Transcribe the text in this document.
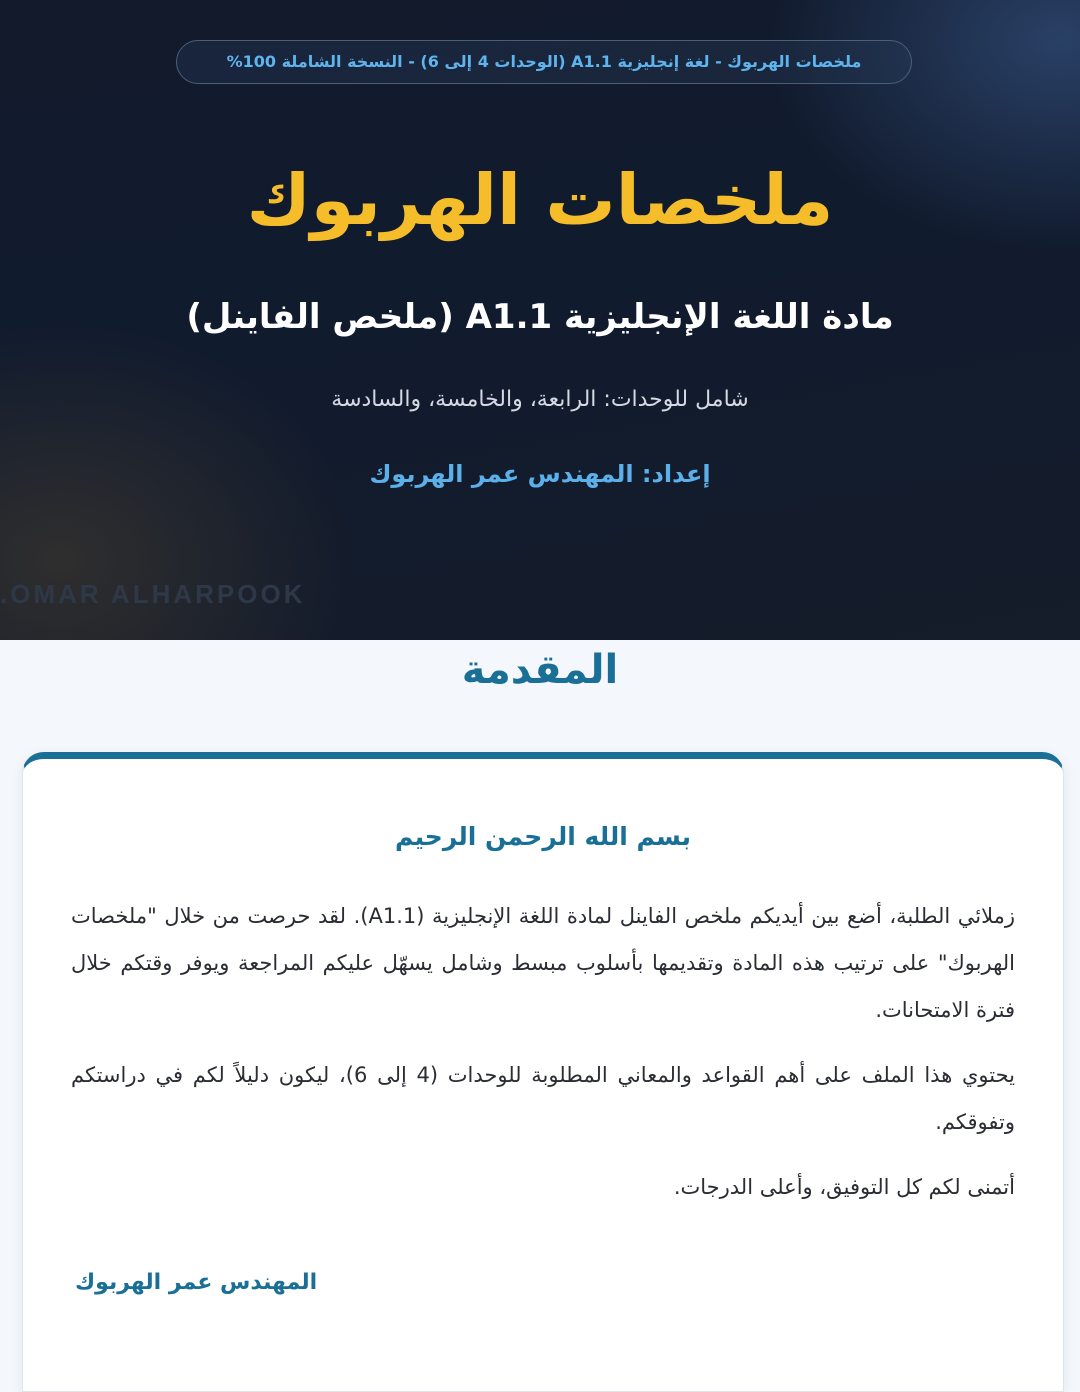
ملخصات الهربوك - لغة إنجليزية A1.1 (الوحدات 4 إلى 6) - النسخة الشاملة 100%
ملخصات الهربوك
مادة اللغة الإنجليزية A1.1 (ملخص الفاينل)

شامل للوحدات: الرابعة، والخامسة، والسادسة

إعداد: المهندس عمر الهربوك

.OMAR ALHARPOOK
المقدمة

بسم الله الرحمن الرحيم

زملائي الطلبة، أضع بين أيديكم ملخص الفاينل لمادة اللغة الإنجليزية (A1.1). لقد حرصت من خلال "ملخصات الهربوك" على ترتيب هذه المادة وتقديمها بأسلوب مبسط وشامل يسهّل عليكم المراجعة ويوفر وقتكم خلال فترة الامتحانات.

يحتوي هذا الملف على أهم القواعد والمعاني المطلوبة للوحدات (4 إلى 6)، ليكون دليلاً لكم في دراستكم وتفوقكم.

أتمنى لكم كل التوفيق، وأعلى الدرجات.

المهندس عمر الهربوك
